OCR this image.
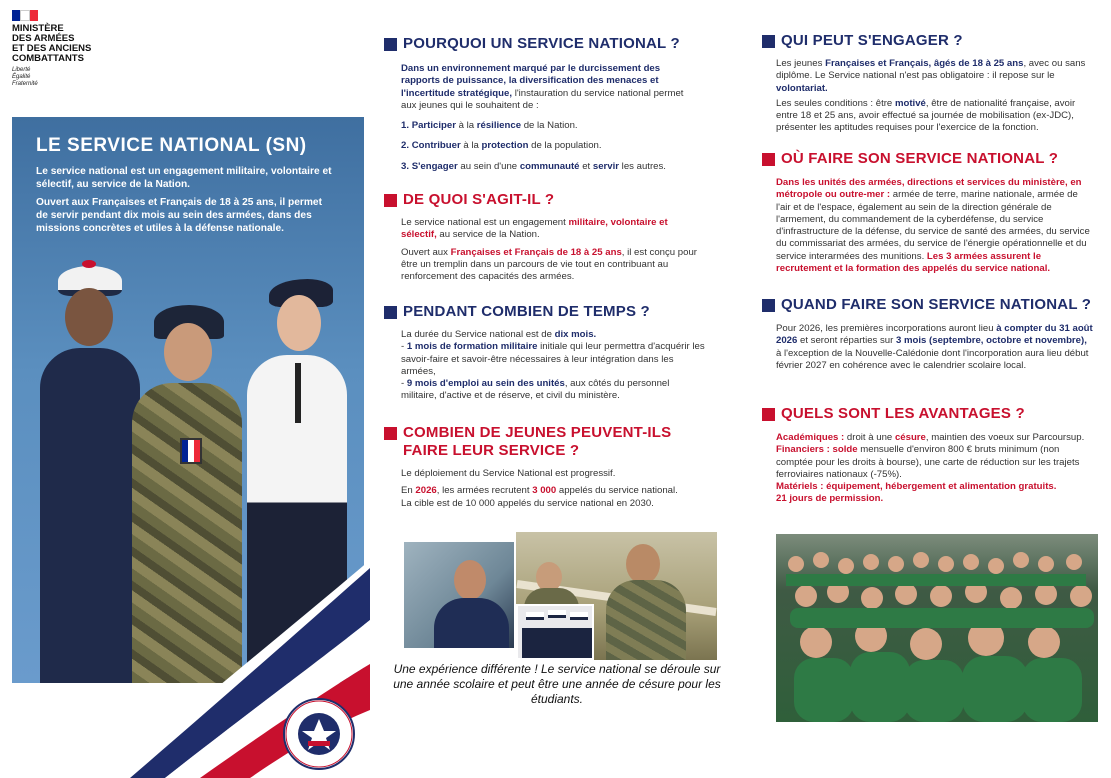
MINISTÈRE
DES ARMÉES
ET DES ANCIENS
COMBATTANTS
Liberté
Égalité
Fraternité
LE SERVICE NATIONAL (SN)

Le service national est un engagement militaire, volontaire et sélectif, au service de la Nation.

Ouvert aux Françaises et Français de 18 à 25 ans, il permet de servir pendant dix mois au sein des armées, dans des missions concrètes et utiles à la défense nationale.

POURQUOI UN SERVICE NATIONAL ?

Dans un environnement marqué par le durcissement des rapports de puissance, la diversification des menaces et l'incertitude stratégique, l'instauration du service national permet aux jeunes qui le souhaitent de :

1. Participer à la résilience de la Nation.

2. Contribuer à la protection de la population.

3. S'engager au sein d'une communauté et servir les autres.

DE QUOI S'AGIT-IL ?

Le service national est un engagement militaire, volontaire et sélectif, au service de la Nation.

Ouvert aux Françaises et Français de 18 à 25 ans, il est conçu pour être un tremplin dans un parcours de vie tout en contribuant au renforcement des capacités des armées.

PENDANT COMBIEN DE TEMPS ?

La durée du Service national est de dix mois.

- 1 mois de formation militaire initiale qui leur permettra d'acquérir les savoir-faire et savoir-être nécessaires à leur intégration dans les armées,

- 9 mois d'emploi au sein des unités, aux côtés du personnel militaire, d'active et de réserve, et civil du ministère.

COMBIEN DE JEUNES PEUVENT-ILS FAIRE LEUR SERVICE ?

Le déploiement du Service National est progressif.

En 2026, les armées recrutent 3 000 appelés du service national.

La cible est de 10 000 appelés du service national en 2030.

Une expérience différente ! Le service national se déroule sur une année scolaire et peut être une année de césure pour les étudiants.
QUI PEUT S'ENGAGER ?

Les jeunes Françaises et Français, âgés de 18 à 25 ans, avec ou sans diplôme. Le Service national n'est pas obligatoire : il repose sur le volontariat.

Les seules conditions : être motivé, être de nationalité française, avoir entre 18 et 25 ans, avoir effectué sa journée de mobilisation (ex-JDC), présenter les aptitudes requises pour l'exercice de la fonction.

OÙ FAIRE SON SERVICE NATIONAL ?

Dans les unités des armées, directions et services du ministère, en métropole ou outre-mer : armée de terre, marine nationale, armée de l'air et de l'espace, également au sein de la direction générale de l'armement, du commandement de la cyberdéfense, du service d'infrastructure de la défense, du service de santé des armées, du service du commissariat des armées, du service de l'énergie opérationnelle et du service interarmées des munitions. Les 3 armées assurent le recrutement et la formation des appelés du service national.

QUAND FAIRE SON SERVICE NATIONAL ?

Pour 2026, les premières incorporations auront lieu à compter du 31 août 2026 et seront réparties sur 3 mois (septembre, octobre et novembre), à l'exception de la Nouvelle-Calédonie dont l'incorporation aura lieu début février 2027 en cohérence avec le calendrier scolaire local.

QUELS SONT LES AVANTAGES ?

Académiques : droit à une césure, maintien des voeux sur Parcoursup.

Financiers : solde mensuelle d'environ 800 € bruts minimum (non comptée pour les droits à bourse), une carte de réduction sur les trajets ferroviaires nationaux (-75%).

Matériels : équipement, hébergement et alimentation gratuits.

21 jours de permission.
